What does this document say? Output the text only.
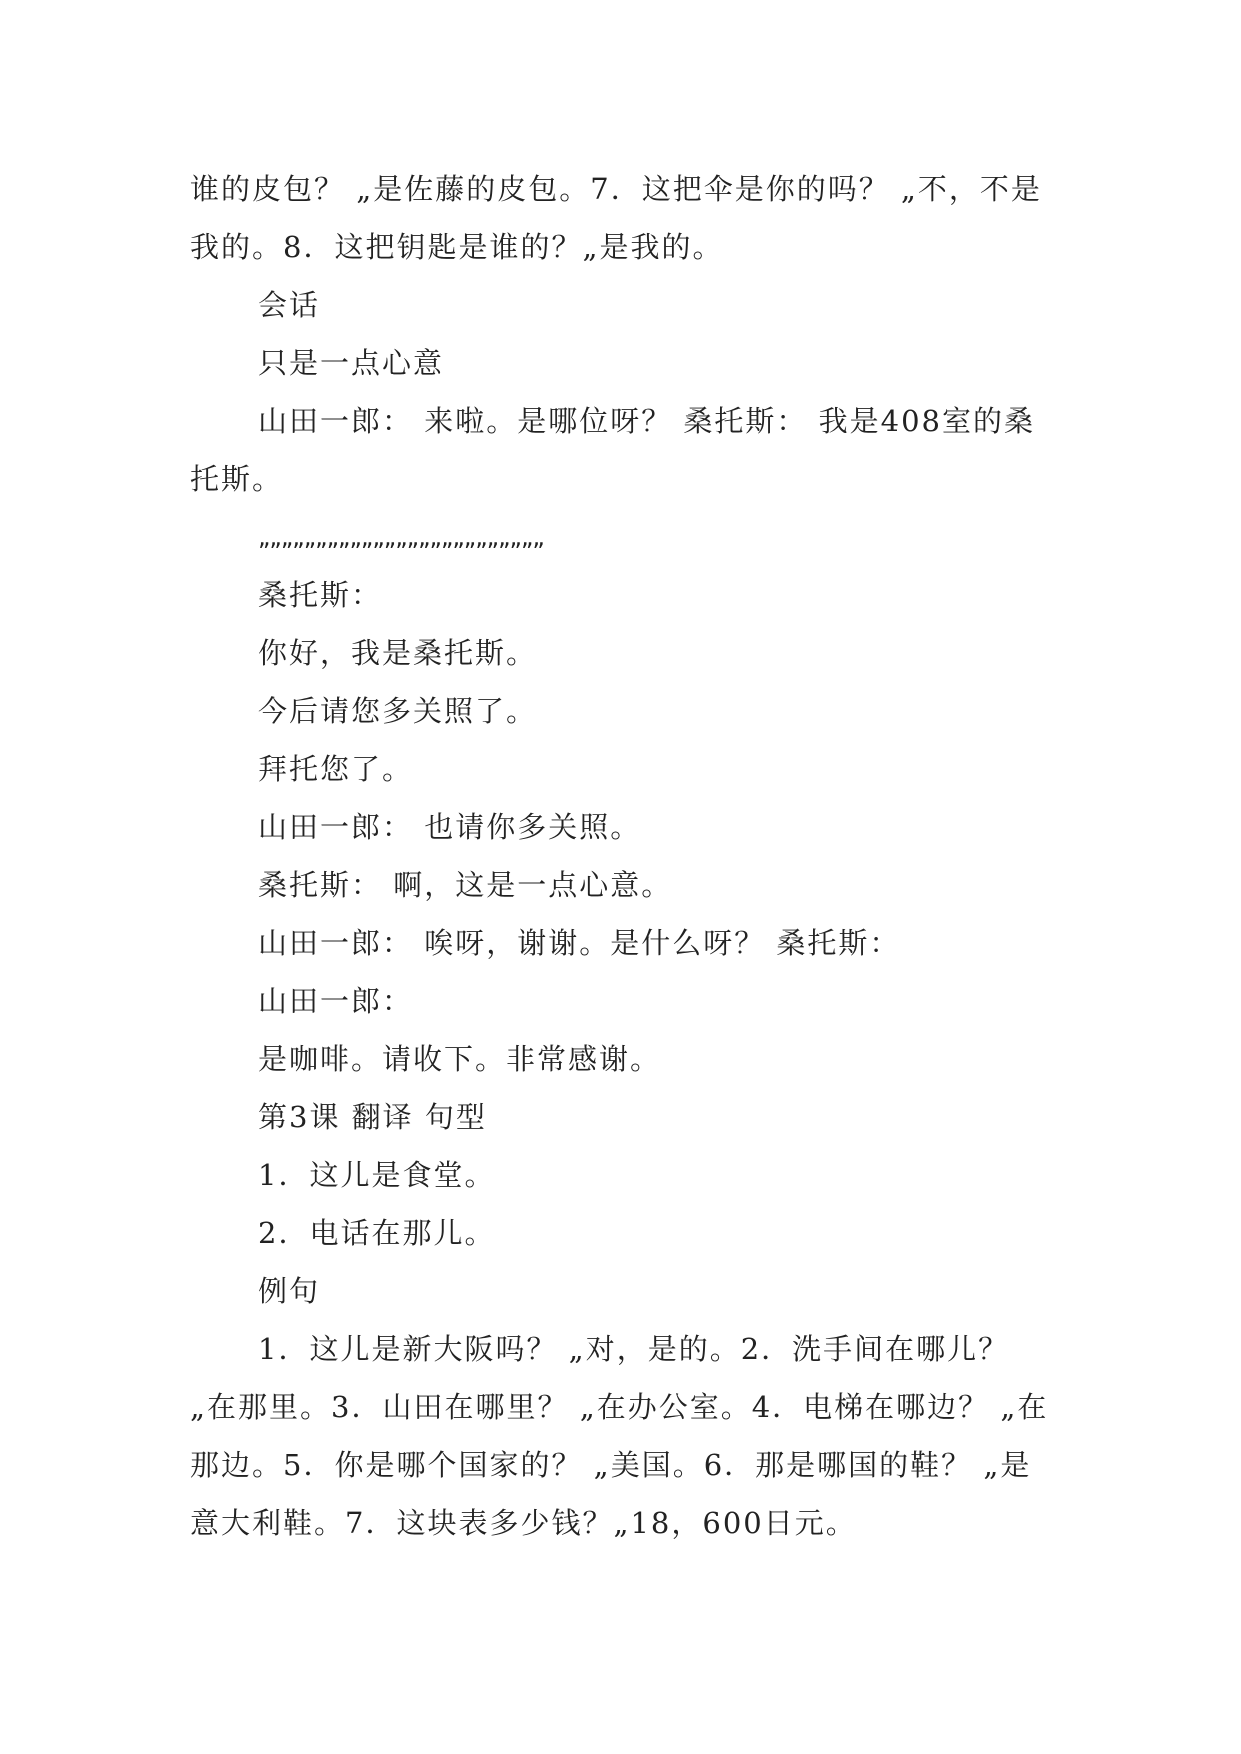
谁的皮包？ „是佐藤的皮包。7．这把伞是你的吗？ „不，不是我的。8．这把钥匙是谁的？„是我的。

会话

只是一点心意

山田一郎： 来啦。是哪位呀？ 桑托斯： 我是408室的桑托斯。

„„„„„„„„„„„„„„„„„„„„„„„„„

桑托斯：

你好，我是桑托斯。

今后请您多关照了。

拜托您了。

山田一郎： 也请你多关照。

桑托斯： 啊，这是一点心意。

山田一郎： 唉呀，谢谢。是什么呀？ 桑托斯：

山田一郎：

是咖啡。请收下。非常感谢。

第3课 翻译 句型

1．这儿是食堂。

2．电话在那儿。

例句

1．这儿是新大阪吗？ „对，是的。2．洗手间在哪儿？ „在那里。3．山田在哪里？ „在办公室。4．电梯在哪边？ „在那边。5．你是哪个国家的？ „美国。6．那是哪国的鞋？ „是意大利鞋。7．这块表多少钱？„18，600日元。
